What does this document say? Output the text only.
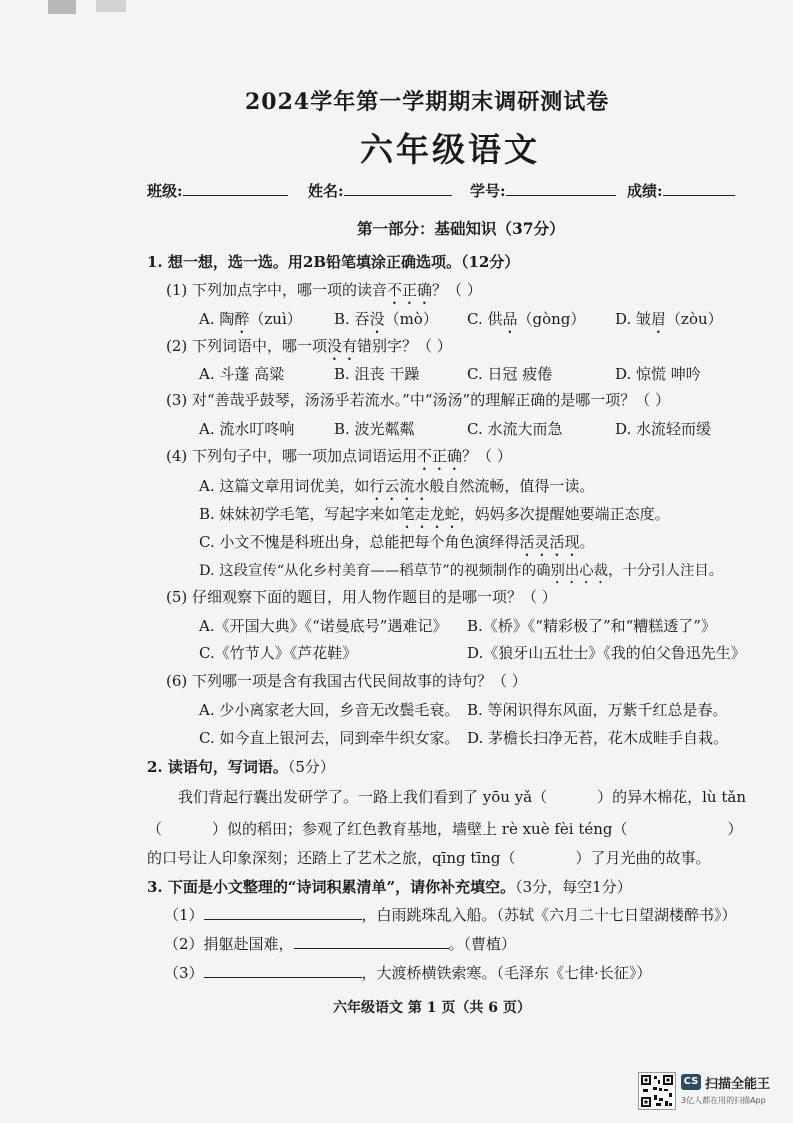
2024学年第一学期期末调研测试卷
六年级语文
班级:	姓名:	学号:	成绩:
第一部分：基础知识（37分）
1. 想一想，选一选。用2B铅笔填涂正确选项。（12分）
(1) 下列加点字中，哪一项的读音不正确？（ ）
A. 陶醉（zuì） B. 吞没（mò） C. 供品（gòng） D. 皱眉（zòu）
(2) 下列词语中，哪一项没有错别字？（ ）
A. 斗蓬 高粱	B. 沮丧 干躁	C. 日冠 疲倦	D. 惊慌 呻吟
(3) 对“善哉乎鼓琴，汤汤乎若流水。”中“汤汤”的理解正确的是哪一项？（ ）
A. 流水叮咚响	B. 波光粼粼	C. 水流大而急	D. 水流轻而缓
(4) 下列句子中，哪一项加点词语运用不正确？（ ）
A. 这篇文章用词优美，如行云流水般自然流畅，值得一读。
B. 妹妹初学毛笔，写起字来如笔走龙蛇，妈妈多次提醒她要端正态度。
C. 小文不愧是科班出身，总能把每个角色演绎得活灵活现。
D. 这段宣传“从化乡村美育——稻草节”的视频制作的确别出心裁，十分引人注目。
(5) 仔细观察下面的题目，用人物作题目的是哪一项？（ ）
A.《开国大典》《“诺曼底号”遇难记》 B.《桥》《“精彩极了”和“糟糕透了”》
C.《竹节人》《芦花鞋》	D.《狼牙山五壮士》《我的伯父鲁迅先生》
(6) 下列哪一项是含有我国古代民间故事的诗句？（ ）
A. 少小离家老大回，乡音无改鬓毛衰。 B. 等闲识得东风面，万紫千红总是春。
C. 如今直上银河去，同到牵牛织女家。 D. 茅檐长扫净无苔，花木成畦手自栽。
2. 读语句，写词语。（5分）
我们背起行囊出发研学了。一路上我们看到了 yōu yǎ（	）的异木棉花，lù tǎn
（	）似的稻田；参观了红色教育基地，墙壁上 rè xuè fèi téng（	）
的口号让人印象深刻；还踏上了艺术之旅，qīng tīng（	）了月光曲的故事。
3. 下面是小文整理的“诗词积累清单”，请你补充填空。（3分，每空1分）
（1）	，白雨跳珠乱入船。（苏轼《六月二十七日望湖楼醉书》）
（2）捐躯赴国难，	。（曹植）
（3）	，大渡桥横铁索寒。（毛泽东《七律·长征》）
六年级语文 第 1 页（共 6 页）
CS 扫描全能王
3亿人都在用的扫描App
